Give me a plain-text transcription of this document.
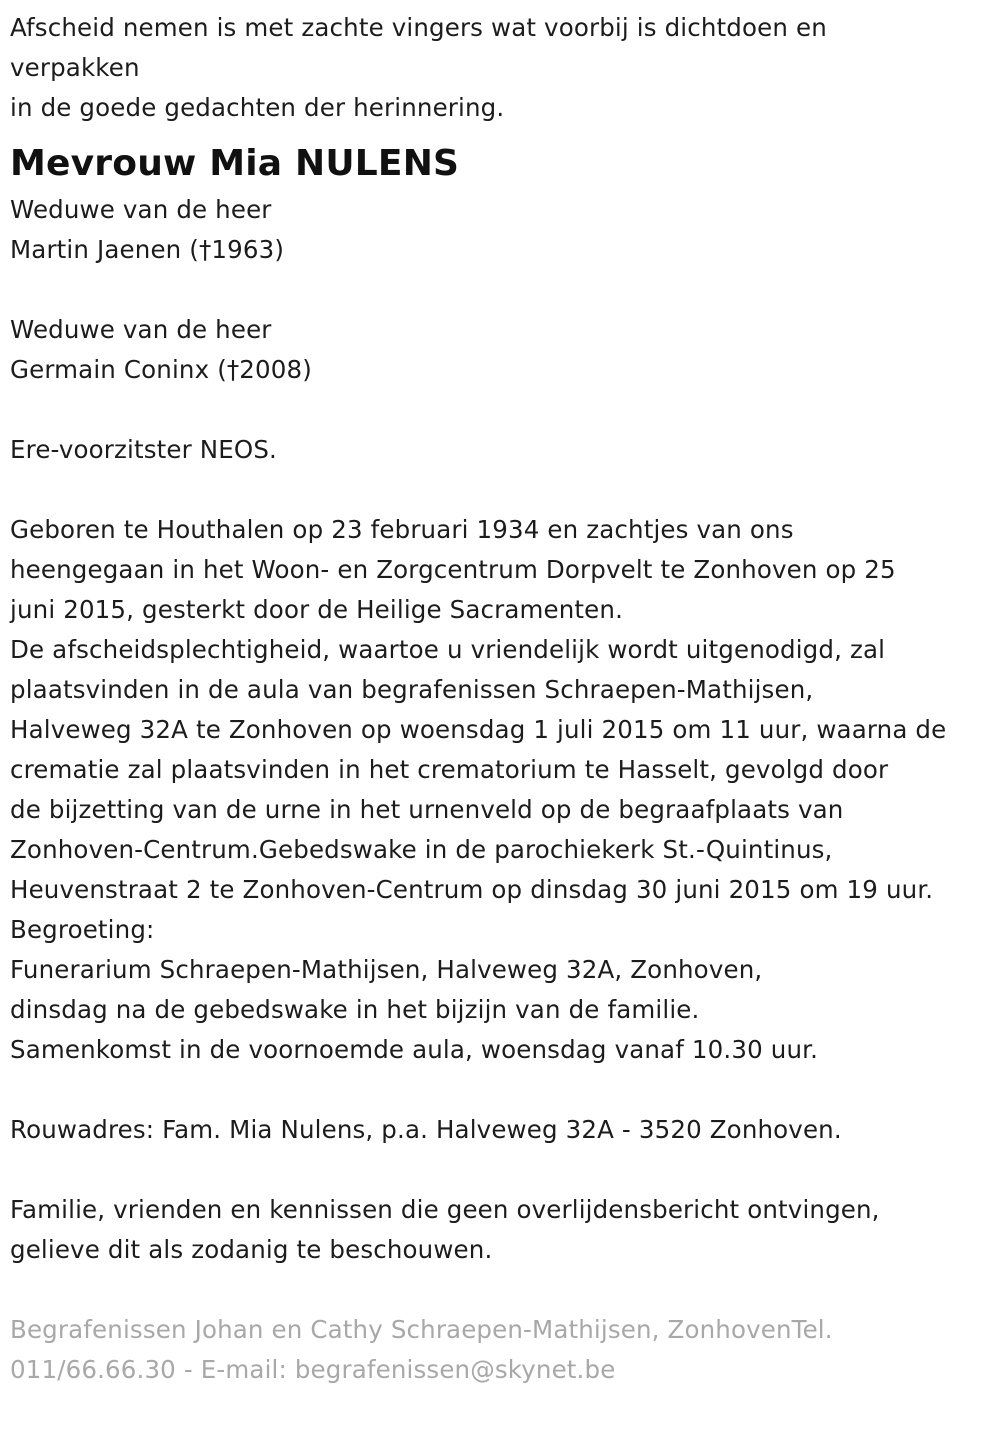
Afscheid nemen is met zachte vingers wat voorbij is dichtdoen en
verpakken
in de goede gedachten der herinnering.
Mevrouw Mia NULENS
Weduwe van de heer
Martin Jaenen (†1963)
Weduwe van de heer
Germain Coninx (†2008)
Ere-voorzitster NEOS.
Geboren te Houthalen op 23 februari 1934 en zachtjes van ons
heengegaan in het Woon- en Zorgcentrum Dorpvelt te Zonhoven op 25
juni 2015, gesterkt door de Heilige Sacramenten.
De afscheidsplechtigheid, waartoe u vriendelijk wordt uitgenodigd, zal
plaatsvinden in de aula van begrafenissen Schraepen-Mathijsen,
Halveweg 32A te Zonhoven op woensdag 1 juli 2015 om 11 uur, waarna de
crematie zal plaatsvinden in het crematorium te Hasselt, gevolgd door
de bijzetting van de urne in het urnenveld op de begraafplaats van
Zonhoven-Centrum.Gebedswake in de parochiekerk St.-Quintinus,
Heuvenstraat 2 te Zonhoven-Centrum op dinsdag 30 juni 2015 om 19 uur.
Begroeting:
Funerarium Schraepen-Mathijsen, Halveweg 32A, Zonhoven,
dinsdag na de gebedswake in het bijzijn van de familie.
Samenkomst in de voornoemde aula, woensdag vanaf 10.30 uur.
Rouwadres: Fam. Mia Nulens, p.a. Halveweg 32A - 3520 Zonhoven.
Familie, vrienden en kennissen die geen overlijdensbericht ontvingen,
gelieve dit als zodanig te beschouwen.
Begrafenissen Johan en Cathy Schraepen-Mathijsen, ZonhovenTel.
011/66.66.30 - E-mail: begrafenissen@skynet.be
